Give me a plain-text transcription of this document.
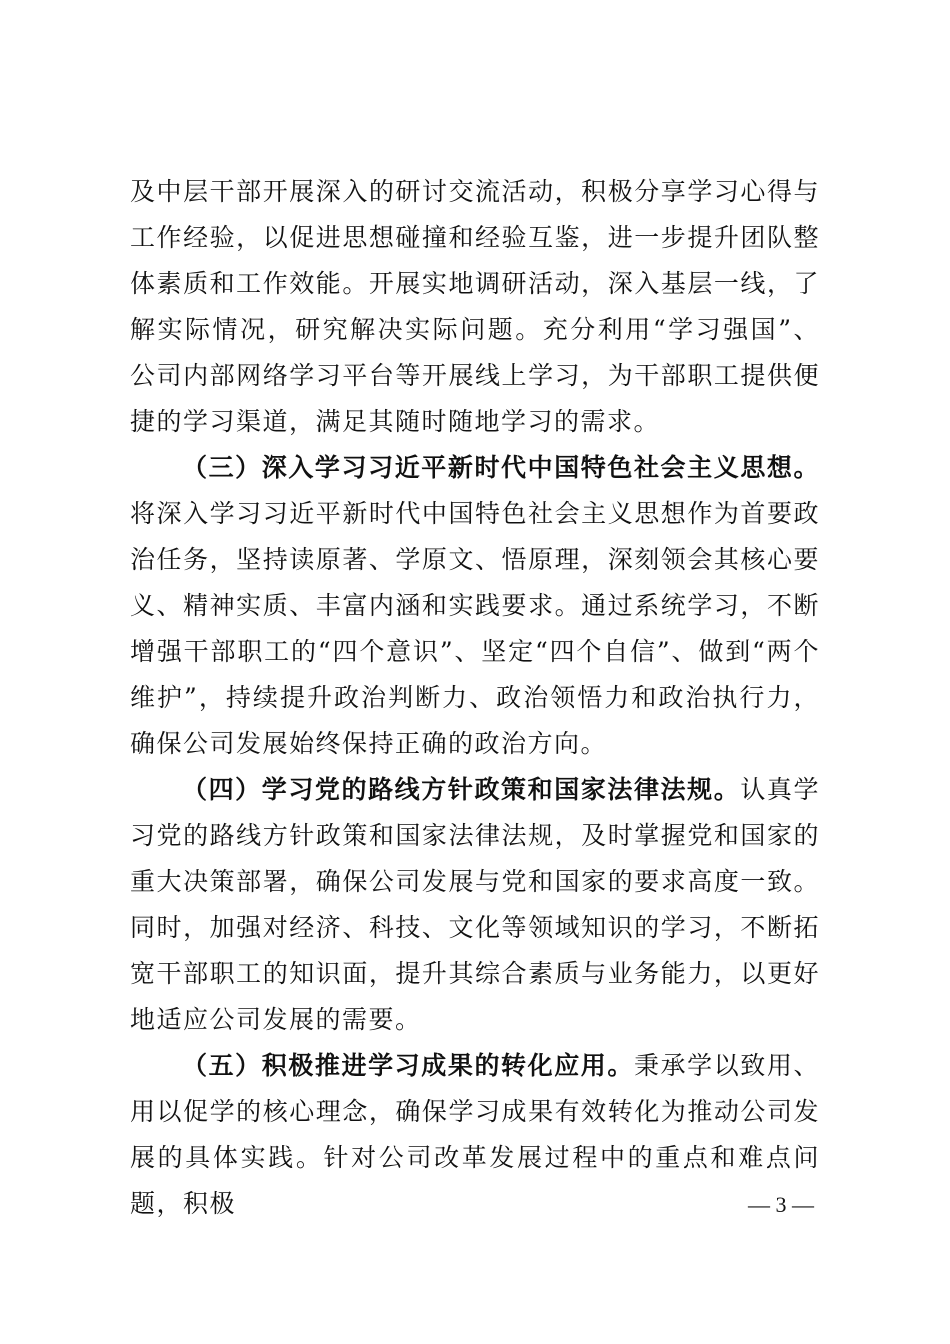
及中层干部开展深入的研讨交流活动，积极分享学习心得与工作经验，以促进思想碰撞和经验互鉴，进一步提升团队整体素质和工作效能。开展实地调研活动，深入基层一线，了解实际情况，研究解决实际问题。充分利用“学习强国”、公司内部网络学习平台等开展线上学习，为干部职工提供便捷的学习渠道，满足其随时随地学习的需求。

（三）深入学习习近平新时代中国特色社会主义思想。将深入学习习近平新时代中国特色社会主义思想作为首要政治任务，坚持读原著、学原文、悟原理，深刻领会其核心要义、精神实质、丰富内涵和实践要求。通过系统学习，不断增强干部职工的“四个意识”、坚定“四个自信”、做到“两个维护”，持续提升政治判断力、政治领悟力和政治执行力，确保公司发展始终保持正确的政治方向。

（四）学习党的路线方针政策和国家法律法规。认真学习党的路线方针政策和国家法律法规，及时掌握党和国家的重大决策部署，确保公司发展与党和国家的要求高度一致。同时，加强对经济、科技、文化等领域知识的学习，不断拓宽干部职工的知识面，提升其综合素质与业务能力，以更好地适应公司发展的需要。

（五）积极推进学习成果的转化应用。秉承学以致用、用以促学的核心理念，确保学习成果有效转化为推动公司发展的具体实践。针对公司改革发展过程中的重点和难点问题，积极	— 3 —
